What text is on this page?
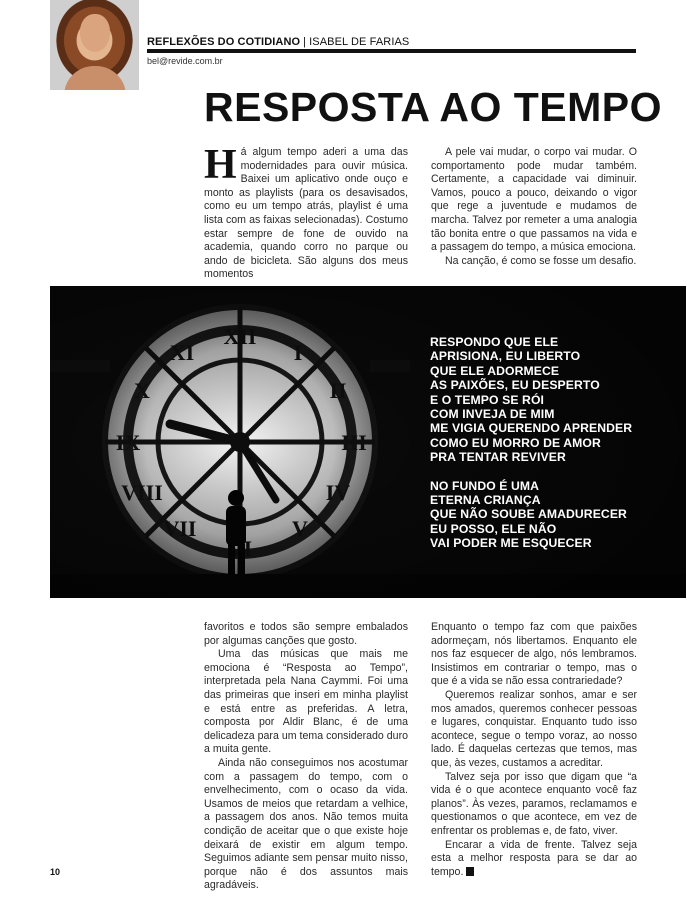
REFLEXÕES DO COTIDIANO | ISABEL DE FARIAS
bel@revide.com.br
RESPOSTA AO TEMPO

Há algum tempo aderi a uma das modernidades para ouvir música. Baixei um aplicativo onde ouço e monto as playlists (para os desavisados, como eu um tempo atrás, playlist é uma lista com as faixas selecionadas). Costumo estar sempre de fone de ouvido na academia, quando corro no parque ou ando de bicicleta. São alguns dos meus momentos

A pele vai mudar, o corpo vai mudar. O comportamento pode mudar também. Certamente, a capacidade vai diminuir. Vamos, pouco a pouco, deixando o vigor que rege a juventude e mudamos de marcha. Talvez por remeter a uma analogia tão bonita entre o que passamos na vida e a passagem do tempo, a música emociona.

Na canção, é como se fosse um desafio.

RESPONDO QUE ELE
APRISIONA, EU LIBERTO
QUE ELE ADORMECE
AS PAIXÕES, EU DESPERTO
E O TEMPO SE RÓI
COM INVEJA DE MIM
ME VIGIA QUERENDO APRENDER
COMO EU MORRO DE AMOR
PRA TENTAR REVIVER
NO FUNDO É UMA
ETERNA CRIANÇA
QUE NÃO SOUBE AMADURECER
EU POSSO, ELE NÃO
VAI PODER ME ESQUECER

favoritos e todos são sempre embalados por algumas canções que gosto.

Uma das músicas que mais me emociona é “Resposta ao Tempo”, interpretada pela Nana Caymmi. Foi uma das primeiras que inseri em minha playlist e está entre as preferidas. A letra, composta por Aldir Blanc, é de uma delicadeza para um tema considerado duro a muita gente.

Ainda não conseguimos nos acostumar com a passagem do tempo, com o envelhecimento, com o ocaso da vida. Usamos de meios que retardam a velhice, a passagem dos anos. Não temos muita condição de aceitar que o que existe hoje deixará de existir em algum tempo. Seguimos adiante sem pensar muito nisso, porque não é dos assuntos mais agradáveis.

Enquanto o tempo faz com que paixões adormeçam, nós libertamos. Enquanto ele nos faz esquecer de algo, nós lembramos. Insistimos em contrariar o tempo, mas o que é a vida se não essa contrariedade?

Queremos realizar sonhos, amar e ser mos amados, queremos conhecer pessoas e lugares, conquistar. Enquanto tudo isso acontece, segue o tempo voraz, ao nosso lado. É daquelas certezas que temos, mas que, às vezes, custamos a acreditar.

Talvez seja por isso que digam que “a vida é o que acontece enquanto você faz planos”. Às vezes, paramos, reclamamos e questionamos o que acontece, em vez de enfrentar os problemas e, de fato, viver.

Encarar a vida de frente. Talvez seja esta a melhor resposta para se dar ao tempo.

10
